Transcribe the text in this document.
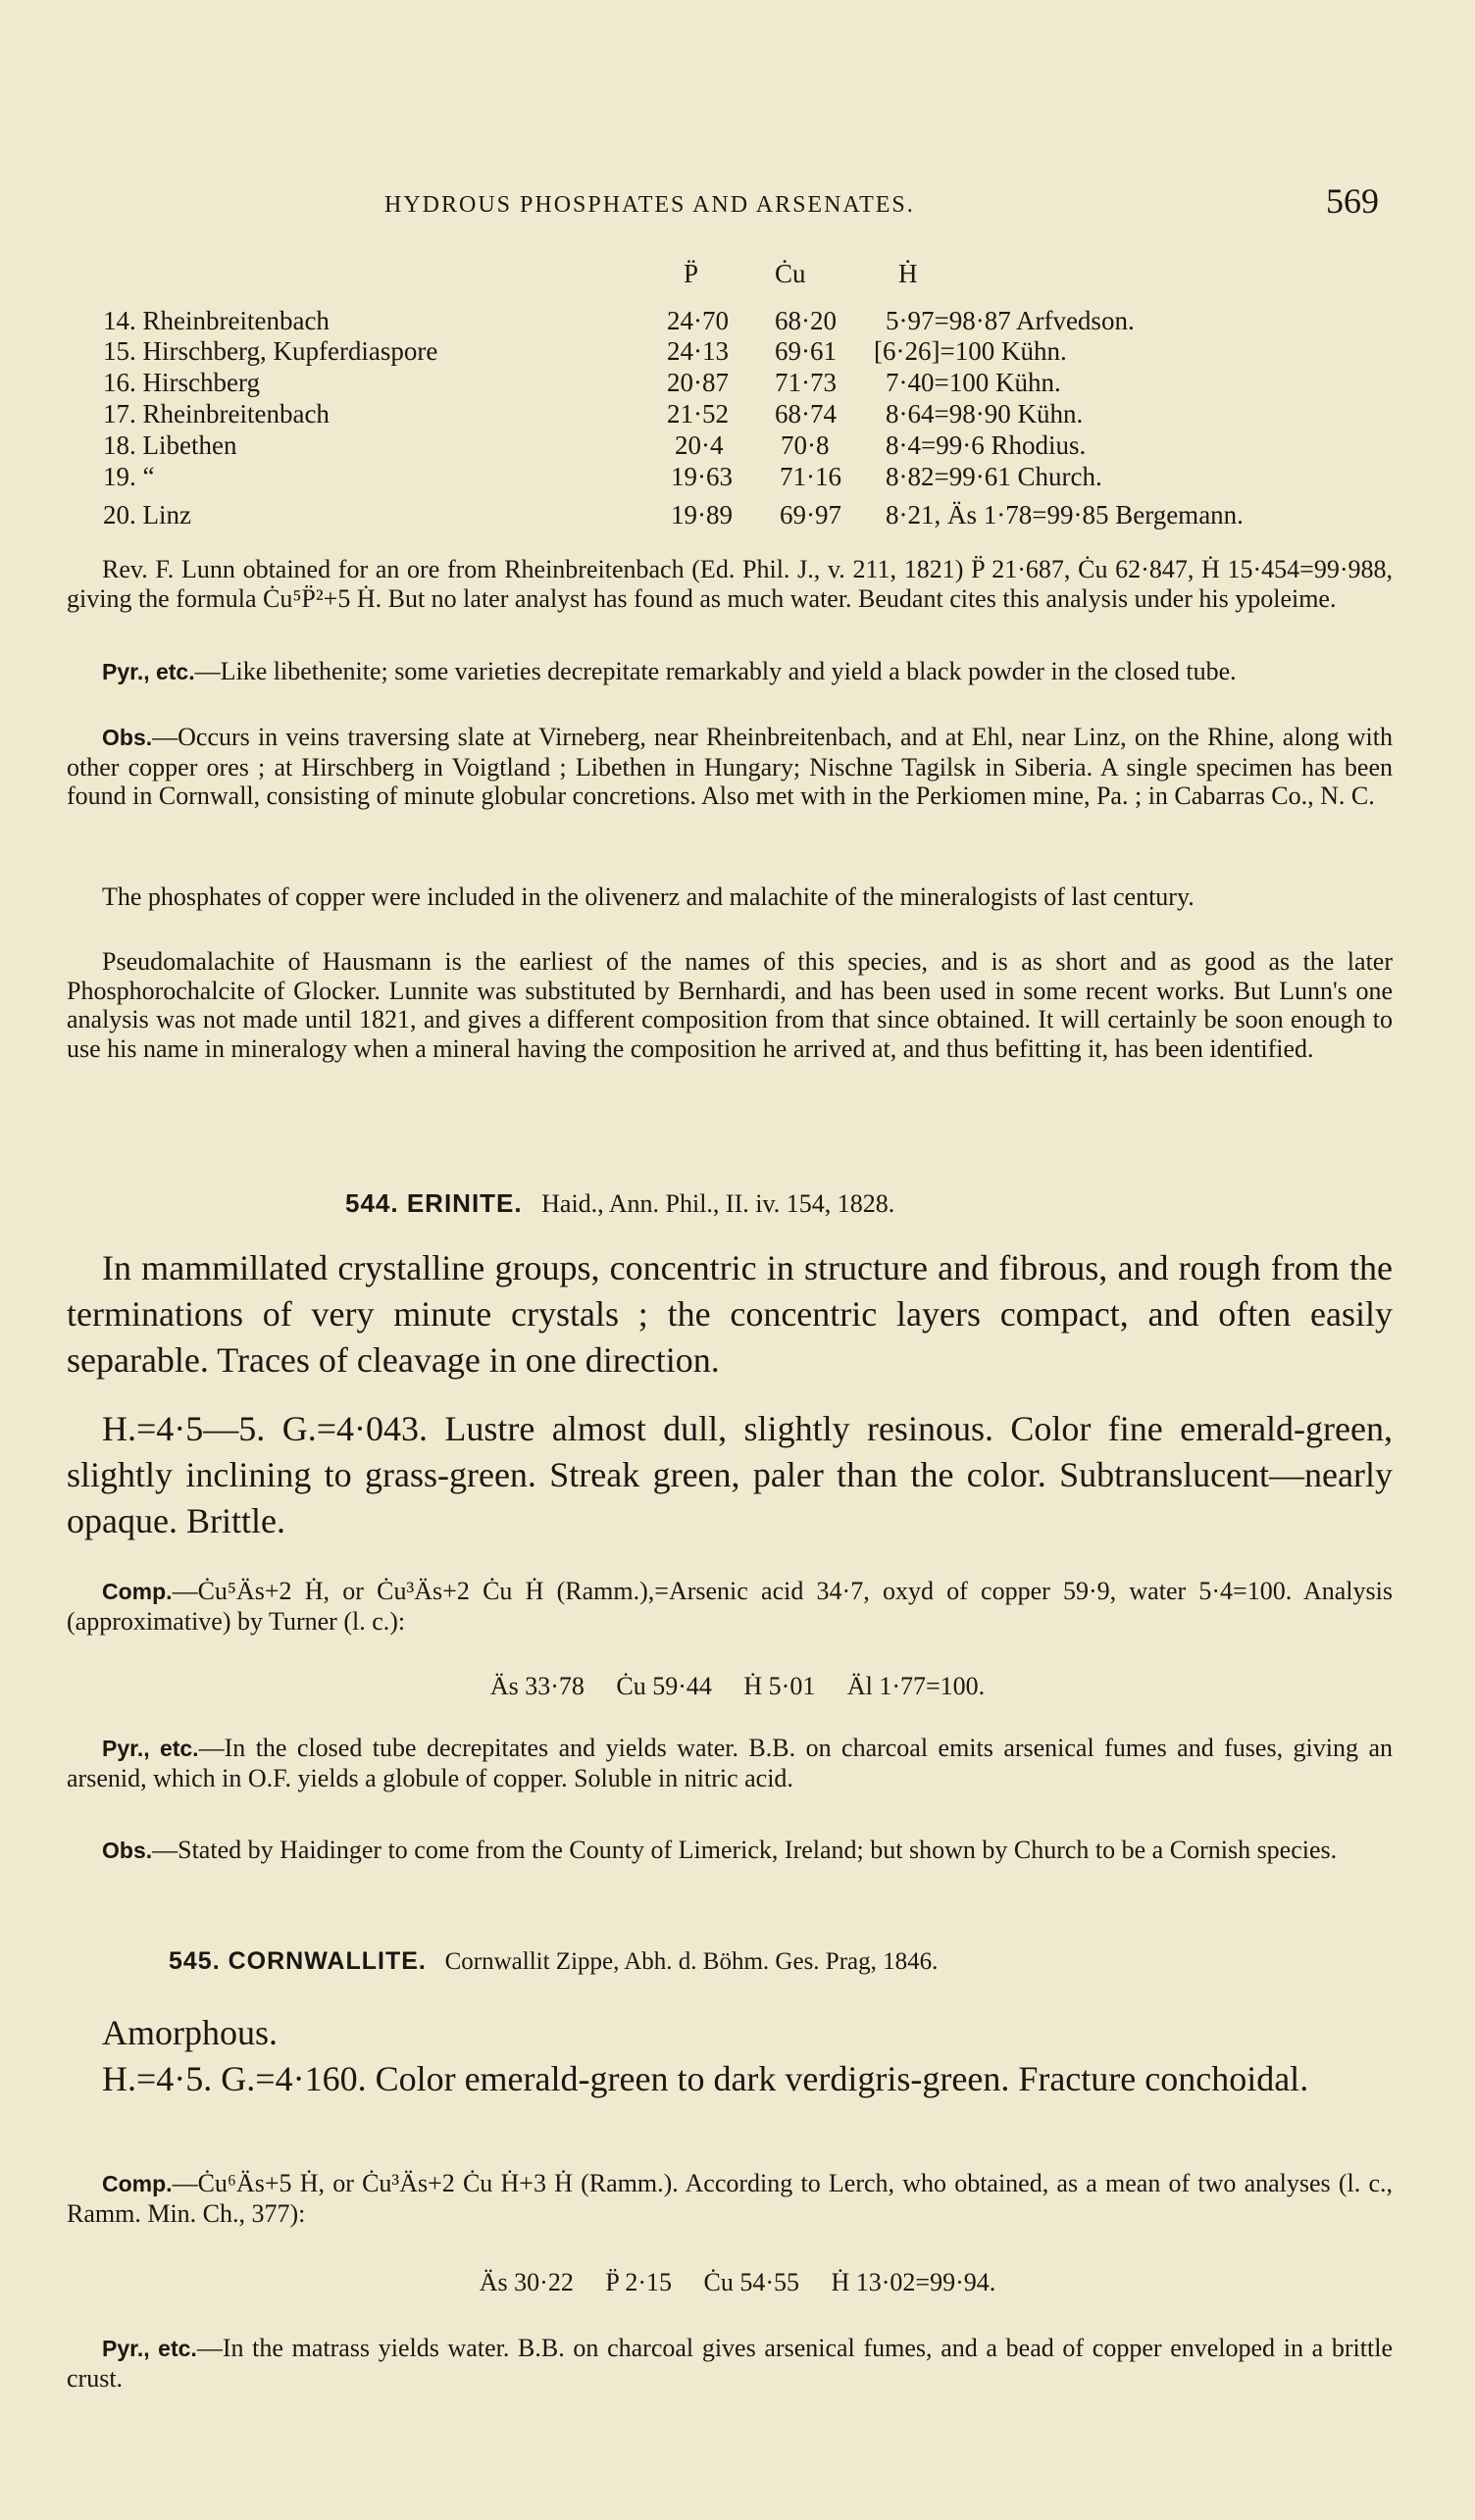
HYDROUS PHOSPHATES AND ARSENATES.	569
P̈	Ċu	Ḣ
14. Rheinbreitenbach	24·70 68·20 5·97=98·87 Arfvedson.
15. Hirschberg, Kupferdiaspore	24·13 69·61 [6·26]=100 Kühn.
16. Hirschberg	20·87 71·73 7·40=100 Kühn.
17. Rheinbreitenbach	21·52 68·74 8·64=98·90 Kühn.
18. Libethen	20·4 70·8 8·4=99·6 Rhodius.
19. “	19·63 71·16 8·82=99·61 Church.
20. Linz	19·89 69·97 8·21, Äs 1·78=99·85 Bergemann.

Rev. F. Lunn obtained for an ore from Rheinbreitenbach (Ed. Phil. J., v. 211, 1821) P̈ 21·687, Ċu 62·847, Ḣ 15·454=99·988, giving the formula Ċu⁵P̈²+5 Ḣ. But no later analyst has found as much water. Beudant cites this analysis under his ypoleime.

Pyr., etc.—Like libethenite; some varieties decrepitate remarkably and yield a black powder in the closed tube.

Obs.—Occurs in veins traversing slate at Virneberg, near Rheinbreitenbach, and at Ehl, near Linz, on the Rhine, along with other copper ores ; at Hirschberg in Voigtland ; Libethen in Hungary; Nischne Tagilsk in Siberia. A single specimen has been found in Cornwall, consisting of minute globular concretions. Also met with in the Perkiomen mine, Pa. ; in Cabarras Co., N. C.

The phosphates of copper were included in the olivenerz and malachite of the mineralogists of last century.

Pseudomalachite of Hausmann is the earliest of the names of this species, and is as short and as good as the later Phosphorochalcite of Glocker. Lunnite was substituted by Bernhardi, and has been used in some recent works. But Lunn's one analysis was not made until 1821, and gives a different composition from that since obtained. It will certainly be soon enough to use his name in mineralogy when a mineral having the composition he arrived at, and thus befitting it, has been identified.

544. ERINITE. Haid., Ann. Phil., II. iv. 154, 1828.

In mammillated crystalline groups, concentric in structure and fibrous, and rough from the terminations of very minute crystals ; the concentric layers compact, and often easily separable. Traces of cleavage in one direction.

H.=4·5—5. G.=4·043. Lustre almost dull, slightly resinous. Color fine emerald-green, slightly inclining to grass-green. Streak green, paler than the color. Subtranslucent—nearly opaque. Brittle.

Comp.—Ċu⁵Äs+2 Ḣ, or Ċu³Äs+2 Ċu Ḣ (Ramm.),=Arsenic acid 34·7, oxyd of copper 59·9, water 5·4=100. Analysis (approximative) by Turner (l. c.):

Äs 33·78     Ċu 59·44     Ḣ 5·01     Äl 1·77=100.

Pyr., etc.—In the closed tube decrepitates and yields water. B.B. on charcoal emits arsenical fumes and fuses, giving an arsenid, which in O.F. yields a globule of copper. Soluble in nitric acid.

Obs.—Stated by Haidinger to come from the County of Limerick, Ireland; but shown by Church to be a Cornish species.

545. CORNWALLITE. Cornwallit Zippe, Abh. d. Böhm. Ges. Prag, 1846.

Amorphous.

H.=4·5. G.=4·160. Color emerald-green to dark verdigris-green. Fracture conchoidal.

Comp.—Ċu⁶Äs+5 Ḣ, or Ċu³Äs+2 Ċu Ḣ+3 Ḣ (Ramm.). According to Lerch, who obtained, as a mean of two analyses (l. c., Ramm. Min. Ch., 377):

Äs 30·22     P̈ 2·15     Ċu 54·55     Ḣ 13·02=99·94.

Pyr., etc.—In the matrass yields water. B.B. on charcoal gives arsenical fumes, and a bead of copper enveloped in a brittle crust.
